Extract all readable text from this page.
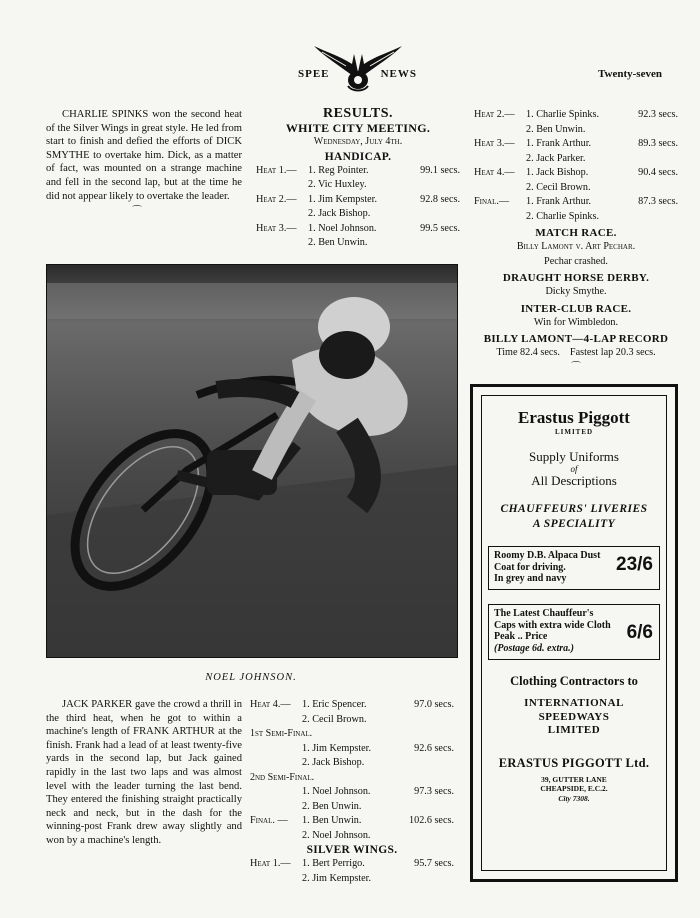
SPEE	NEWS	Twenty-seven

CHARLIE SPINKS won the second heat of the Silver Wings in great style. He led from start to finish and defied the efforts of DICK SMYTHE to overtake him. Dick, as a matter of fact, was mounted on a strange machine and fell in the second lap, but at the time he did not appear likely to overtake the leader.

⌒
RESULTS.
WHITE CITY MEETING.
Wednesday, July 4th.
HANDICAP.
Heat 1.—	1. Reg Pointer.	99.1 secs.
2. Vic Huxley.
Heat 2.—	1. Jim Kempster.	92.8 secs.
2. Jack Bishop.
Heat 3.—	1. Noel Johnson.	99.5 secs.
2. Ben Unwin.
Heat 2.—	1. Charlie Spinks.	92.3 secs.
2. Ben Unwin.
Heat 3.—	1. Frank Arthur.	89.3 secs.
2. Jack Parker.
Heat 4.—	1. Jack Bishop.	90.4 secs.
2. Cecil Brown.
Final.—	1. Frank Arthur.	87.3 secs.
2. Charlie Spinks.
MATCH RACE.
Billy Lamont v. Art Pechar.
Pechar crashed.
DRAUGHT HORSE DERBY.
Dicky Smythe.
INTER-CLUB RACE.
Win for Wimbledon.
BILLY LAMONT—4-LAP RECORD
Time 82.4 secs. Fastest lap 20.3 secs.
⌒
NOEL JOHNSON.

JACK PARKER gave the crowd a thrill in the third heat, when he got to within a machine's length of FRANK ARTHUR at the finish. Frank had a lead of at least twenty-five yards in the second lap, but Jack gained rapidly in the last two laps and was almost level with the leader turning the last bend. They entered the finishing straight practically neck and neck, but in the dash for the winning-post Frank drew away slightly and won by a machine's length.

Heat 4.—	1. Eric Spencer.	97.0 secs.
2. Cecil Brown.
1st Semi-Final.
1. Jim Kempster.	92.6 secs.
2. Jack Bishop.
2nd Semi-Final.
1. Noel Johnson.	97.3 secs.
2. Ben Unwin.
Final. —	1. Ben Unwin.	102.6 secs.
2. Noel Johnson.
SILVER WINGS.
Heat 1.—	1. Bert Perrigo.	95.7 secs.
2. Jim Kempster.
Erastus Piggott
LIMITED
Supply Uniforms
of
All Descriptions
CHAUFFEURS' LIVERIES
A SPECIALITY
Roomy D.B. Alpaca Dust
Coat for driving.
In grey and navy
23/6
The Latest Chauffeur's
Caps with extra wide Cloth
Peak .. Price
(Postage 6d. extra.)
6/6
Clothing Contractors to
INTERNATIONAL
SPEEDWAYS
LIMITED
ERASTUS PIGGOTT Ltd.
39, GUTTER LANE
CHEAPSIDE, E.C.2.
City 7308.
